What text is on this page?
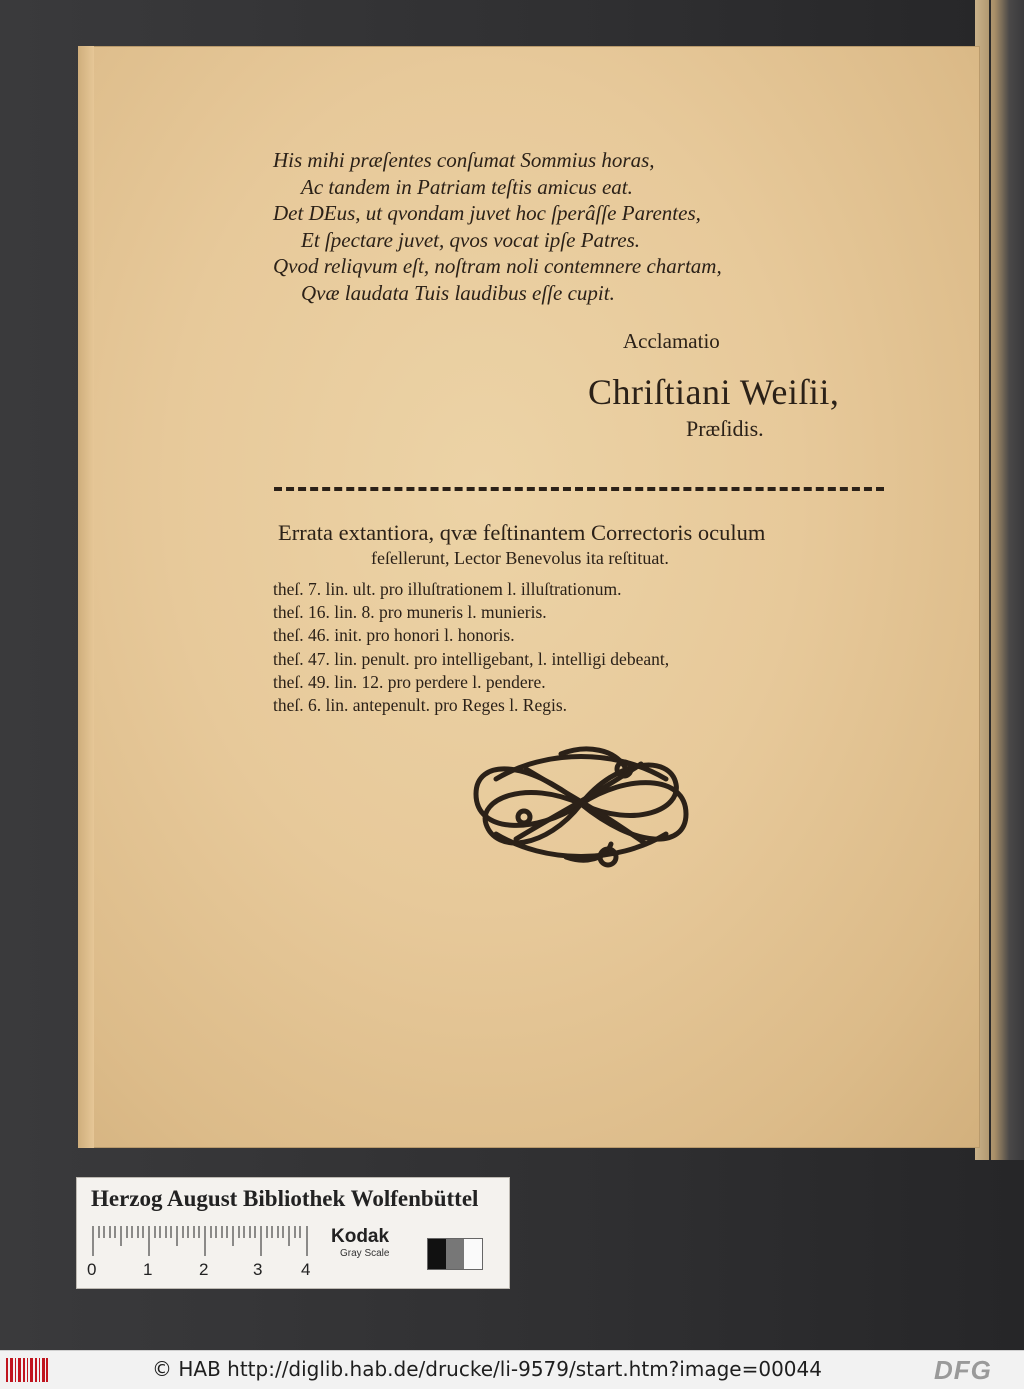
His mihi præſentes conſumat Sommius horas,
Ac tandem in Patriam teſtis amicus eat.
Det DEus, ut qvondam juvet hoc ſperâſſe Parentes,
Et ſpectare juvet, qvos vocat ipſe Patres.
Qvod reliqvum eſt, noſtram noli contemnere chartam,
Qvæ laudata Tuis laudibus eſſe cupit.
Acclamatio
Chriſtiani Weiſii,
Præſidis.
Errata extantiora, qvæ feſtinantem Correctoris oculum
feſellerunt, Lector Benevolus ita reſtituat.
theſ. 7. lin. ult. pro illuſtrationem l. illuſtrationum.
theſ. 16. lin. 8. pro muneris l. munieris.
theſ. 46. init. pro honori l. honoris.
theſ. 47. lin. penult. pro intelligebant, l. intelligi debeant,
theſ. 49. lin. 12. pro perdere l. pendere.
theſ. 6. lin. antepenult. pro Reges l. Regis.
Herzog August Bibliothek Wolfenbüttel
0	1	2	3 4
Kodak
Gray Scale
© HAB http://diglib.hab.de/drucke/li-9579/start.htm?image=00044	DFG
